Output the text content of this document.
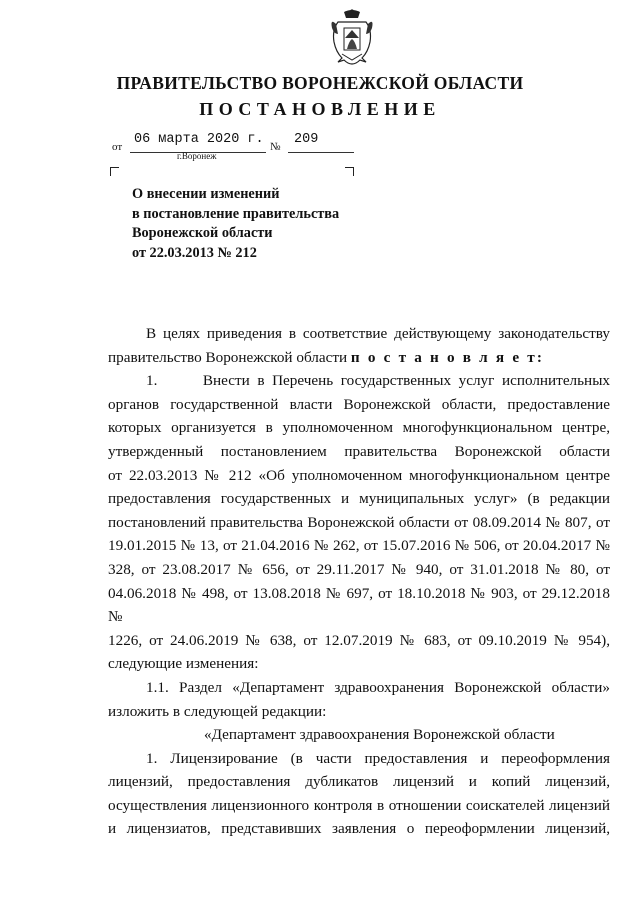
ПРАВИТЕЛЬСТВО ВОРОНЕЖСКОЙ ОБЛАСТИ
ПОСТАНОВЛЕНИЕ
от 06 марта 2020 г. № 209
г.Воронеж
О внесении изменений
в постановление правительства
Воронежской области
от 22.03.2013 № 212

В целях приведения в соответствие действующему законодательству

правительство Воронежской области п о с т а н о в л я е т:

1.      Внести в Перечень государственных услуг исполнительных

органов государственной власти Воронежской области, предоставление

которых организуется в уполномоченном многофункциональном центре,

утвержденный постановлением правительства Воронежской области

от 22.03.2013 № 212 «Об уполномоченном многофункциональном центре

предоставления государственных и муниципальных услуг» (в редакции

постановлений правительства Воронежской области от 08.09.2014 № 807, от

19.01.2015 № 13, от 21.04.2016 № 262, от 15.07.2016 № 506, от 20.04.2017 №

328, от 23.08.2017 № 656, от 29.11.2017 № 940, от 31.01.2018 № 80, от

04.06.2018 № 498, от 13.08.2018 № 697, от 18.10.2018 № 903, от 29.12.2018 №

1226, от 24.06.2019 № 638, от 12.07.2019 № 683, от 09.10.2019 № 954),

следующие изменения:

1.1. Раздел «Департамент здравоохранения Воронежской области»

изложить в следующей редакции:

«Департамент здравоохранения Воронежской области

1. Лицензирование (в части предоставления и переоформления

лицензий, предоставления дубликатов лицензий и копий лицензий,

осуществления лицензионного контроля в отношении соискателей лицензий

и лицензиатов, представивших заявления о переоформлении лицензий,
